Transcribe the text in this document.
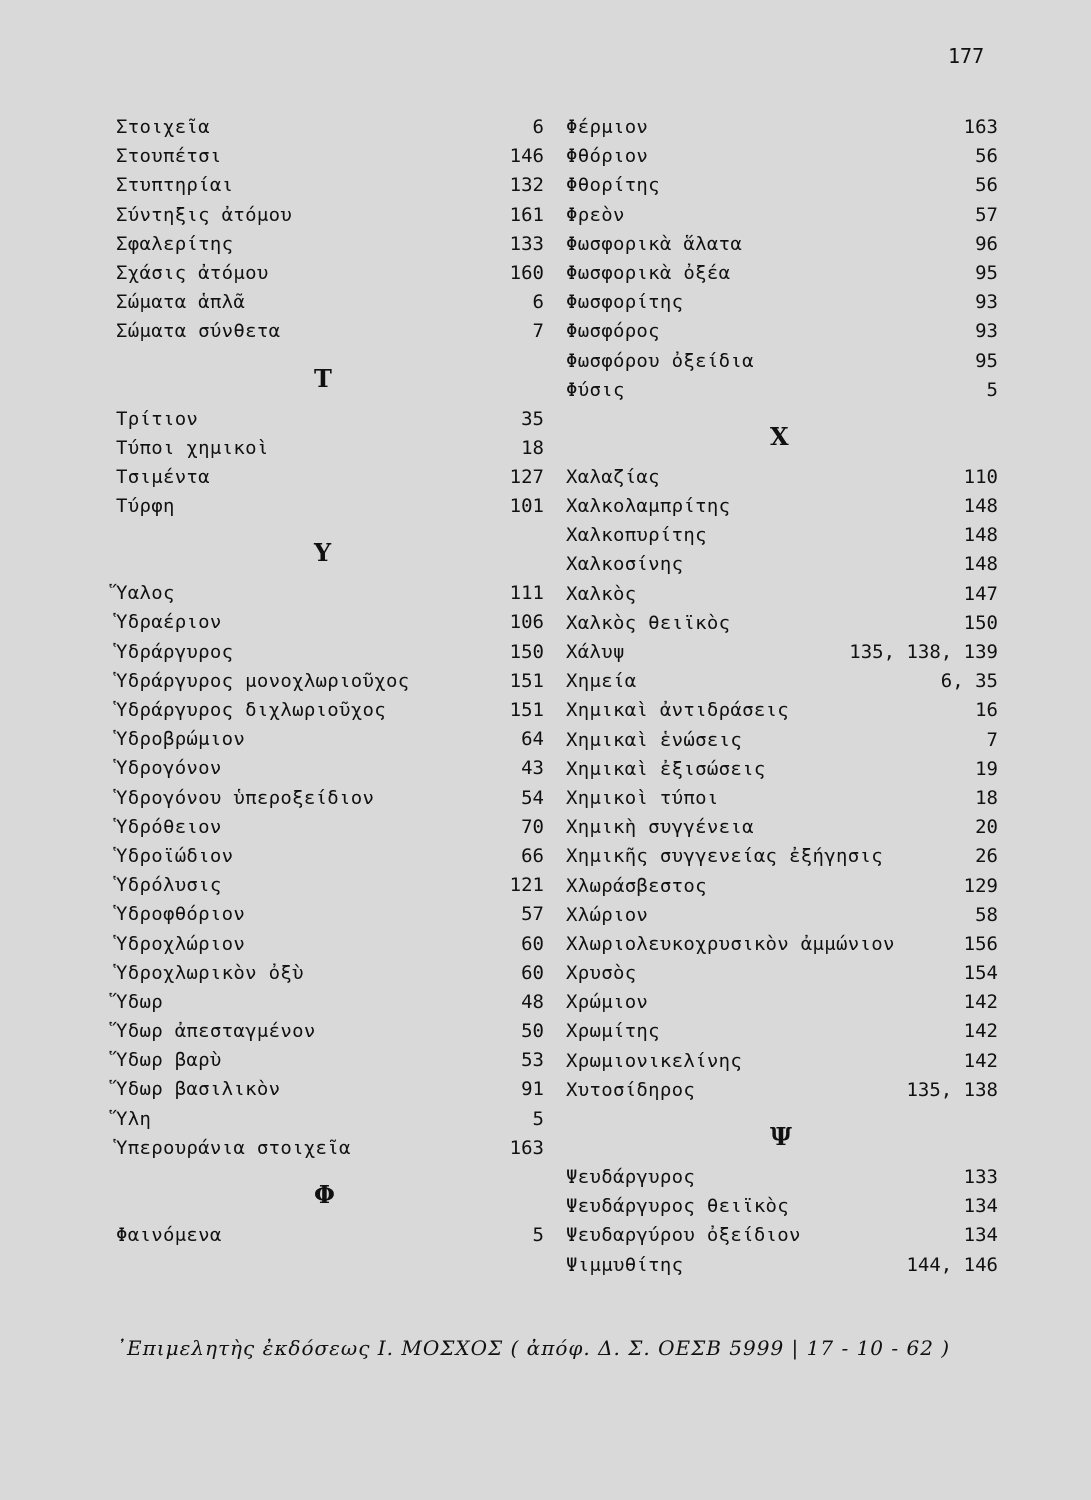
177
Στοιχεῖα	6
Στουπέτσι	146
Στυπτηρίαι	132
Σύντηξις ἀτόμου	161
Σφαλερίτης	133
Σχάσις ἀτόμου	160
Σώματα ἁπλᾶ	6
Σώματα σύνθετα	7
Τ
Τρίτιον	35
Τύποι χημικοὶ	18
Τσιμέντα	127
Τύρφη	101
Υ
Ὕαλος	111
Ὑδραέριον	106
Ὑδράργυρος	150
Ὑδράργυρος μονοχλωριοῦχος	151
Ὑδράργυρος διχλωριοῦχος	151
Ὑδροβρώμιον	64
Ὑδρογόνον	43
Ὑδρογόνου ὑπεροξείδιον	54
Ὑδρόθειον	70
Ὑδροϊώδιον	66
Ὑδρόλυσις	121
Ὑδροφθόριον	57
Ὑδροχλώριον	60
Ὑδροχλωρικὸν ὀξὺ	60
Ὕδωρ	48
Ὕδωρ ἀπεσταγμένον	50
Ὕδωρ βαρὺ	53
Ὕδωρ βασιλικὸν	91
Ὕλη	5
Ὑπερουράνια στοιχεῖα	163
Φ
Φαινόμενα	5
Φέρμιον	163
Φθόριον	56
Φθορίτης	56
Φρεὸν	57
Φωσφορικὰ ἅλατα	96
Φωσφορικὰ ὀξέα	95
Φωσφορίτης	93
Φωσφόρος	93
Φωσφόρου ὀξείδια	95
Φύσις	5
Χ
Χαλαζίας	110
Χαλκολαμπρίτης	148
Χαλκοπυρίτης	148
Χαλκοσίνης	148
Χαλκὸς	147
Χαλκὸς θειϊκὸς	150
Χάλυψ	135, 138, 139
Χημεία	6, 35
Χημικαὶ ἀντιδράσεις	16
Χημικαὶ ἑνώσεις	7
Χημικαὶ ἐξισώσεις	19
Χημικοὶ τύποι	18
Χημικὴ συγγένεια	20
Χημικῆς συγγενείας ἐξήγησις	26
Χλωράσβεστος	129
Χλώριον	58
Χλωριολευκοχρυσικὸν ἀμμώνιον	156
Χρυσὸς	154
Χρώμιον	142
Χρωμίτης	142
Χρωμιονικελίνης	142
Χυτοσίδηρος	135, 138
Ψ
Ψευδάργυρος	133
Ψευδάργυρος θειϊκὸς	134
Ψευδαργύρου ὀξείδιον	134
Ψιμμυθίτης	144, 146
᾿Επιμελητὴς ἐκδόσεως Ι. ΜΟΣΧΟΣ ( ἀπόφ. Δ. Σ. ΟΕΣΒ 5999 | 17 - 10 - 62 )
